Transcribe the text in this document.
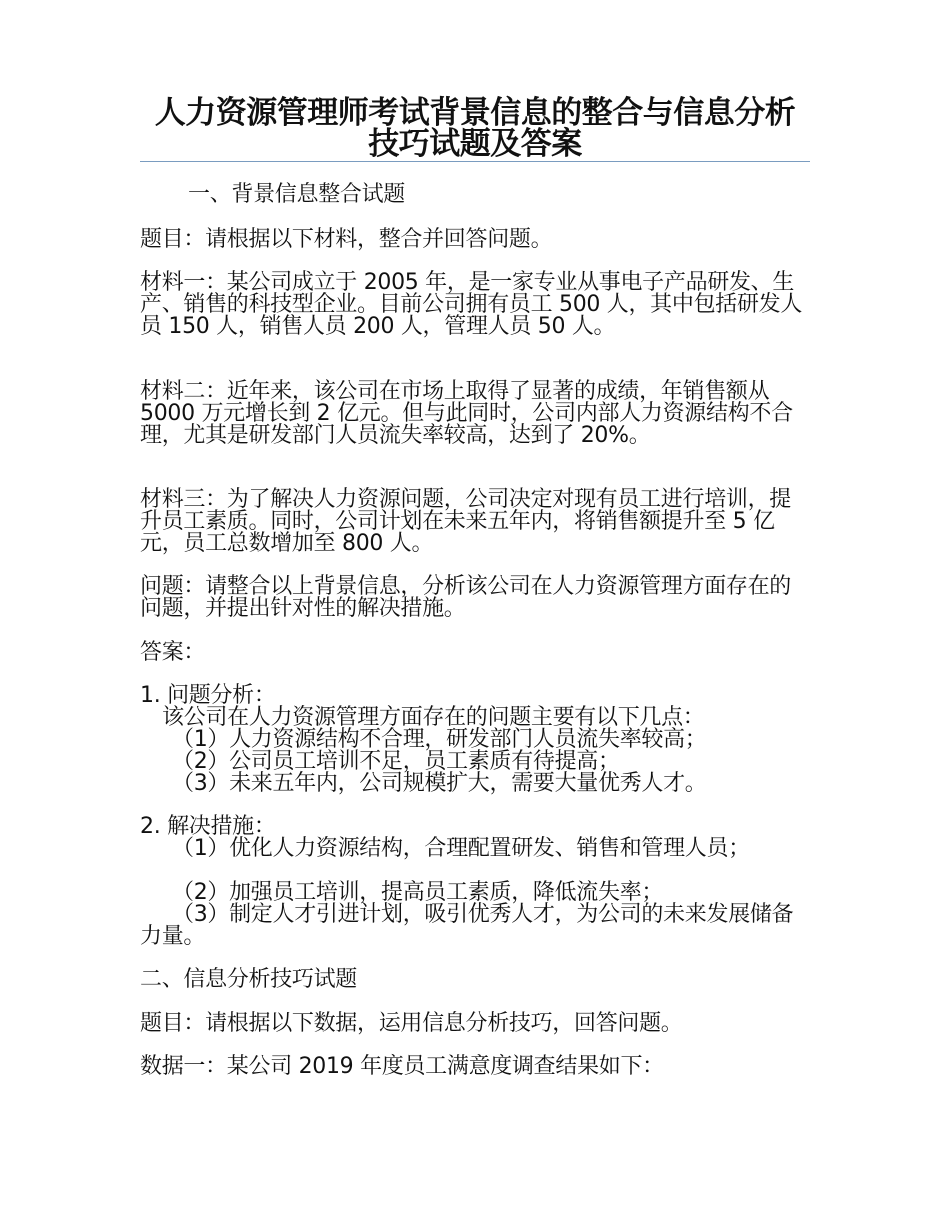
人力资源管理师考试背景信息的整合与信息分析技巧试题及答案

一、背景信息整合试题

题目：请根据以下材料，整合并回答问题。

材料一：某公司成立于 2005 年，是一家专业从事电子产品研发、生产、销售的科技型企业。目前公司拥有员工 500 人，其中包括研发人员 150 人，销售人员 200 人，管理人员 50 人。

材料二：近年来，该公司在市场上取得了显著的成绩，年销售额从 5000 万元增长到 2 亿元。但与此同时，公司内部人力资源结构不合理，尤其是研发部门人员流失率较高，达到了 20%。

材料三：为了解决人力资源问题，公司决定对现有员工进行培训，提升员工素质。同时，公司计划在未来五年内，将销售额提升至 5 亿元，员工总数增加至 800 人。

问题：请整合以上背景信息，分析该公司在人力资源管理方面存在的问题，并提出针对性的解决措施。

答案：

1. 问题分析：

该公司在人力资源管理方面存在的问题主要有以下几点：

（1）人力资源结构不合理，研发部门人员流失率较高；

（2）公司员工培训不足，员工素质有待提高；

（3）未来五年内，公司规模扩大，需要大量优秀人才。

2. 解决措施：

（1）优化人力资源结构，合理配置研发、销售和管理人员；

（2）加强员工培训，提高员工素质，降低流失率；

（3）制定人才引进计划，吸引优秀人才，为公司的未来发展储备力量。

二、信息分析技巧试题

题目：请根据以下数据，运用信息分析技巧，回答问题。

数据一：某公司 2019 年度员工满意度调查结果如下：
